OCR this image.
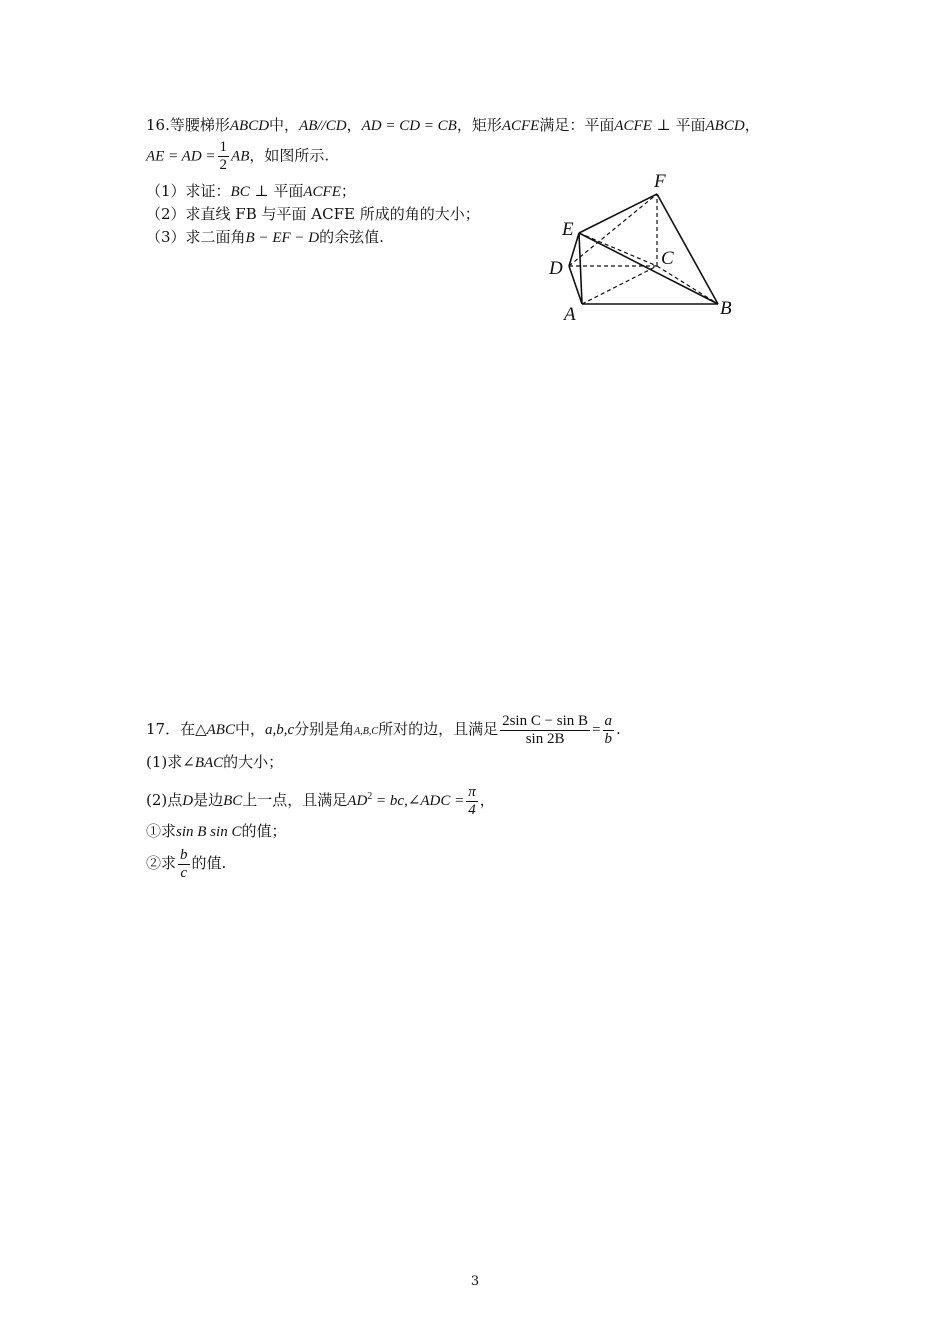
16.等腰梯形ABCD中，AB//CD，AD = CD = CB，矩形ACFE满足：平面ACFE ⊥ 平面ABCD，
AE = AD = $\frac{1}{2}$ AB，如图所示.
（1）求证：BC ⊥ 平面ACFE；
（2）求直线 FB 与平面 ACFE 所成的角的大小；
（3）求二面角B − EF − D的余弦值.
F
E
D	C
A	B
17．在△ABC中，a,b,c分别是角A,B,C所对的边，且满足 $\frac{\text{2sin C − sin B}}{\sin 2B} = \frac{a}{b}$ .
(1)求∠BAC的大小；
(2)点D是边BC上一点，且满足$AD^2$ = bc,∠ADC = $\frac{\pi}{4}$ ，
①求sin B sin C的值；
②求 $\frac{b}{c}$ 的值.
3
